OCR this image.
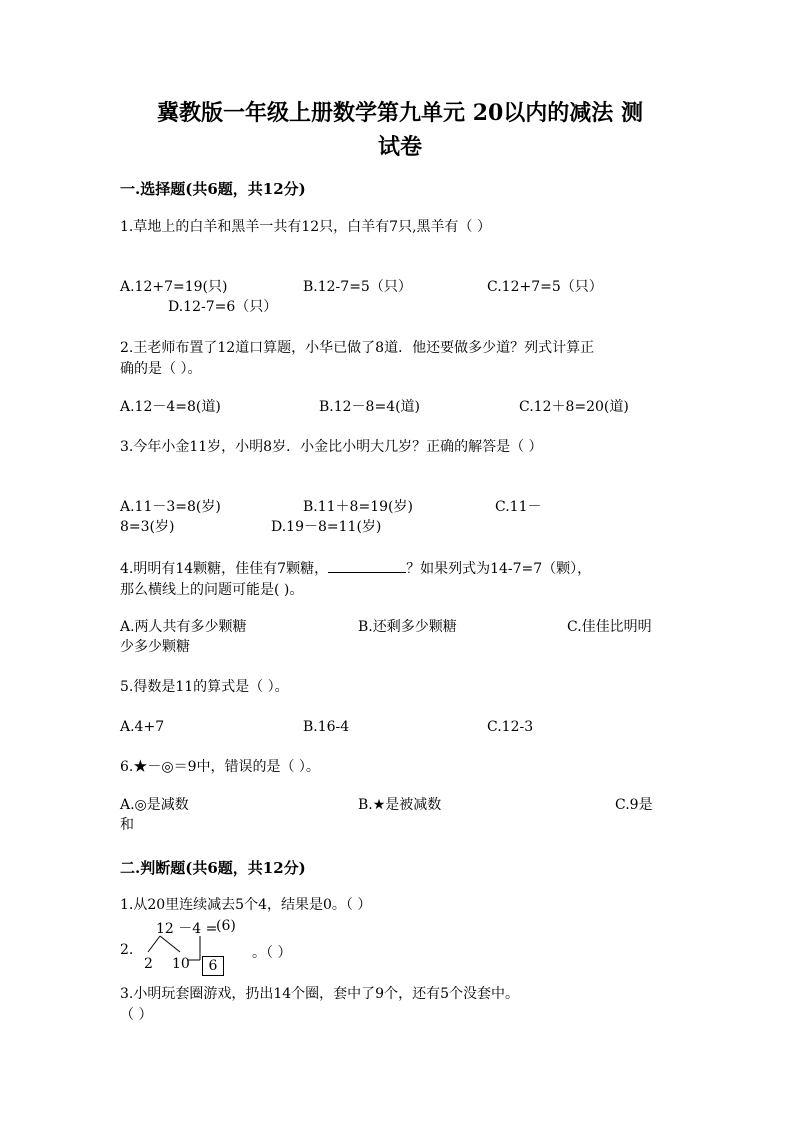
冀教版一年级上册数学第九单元 20以内的减法 测
试卷
一.选择题(共6题，共12分)
1.草地上的白羊和黑羊一共有12只，白羊有7只,黑羊有（ ）
A.12+7=19(只)	B.12-7=5（只）	C.12+7=5（只）
D.12-7=6（只）
2.王老师布置了12道口算题，小华已做了8道．他还要做多少道？列式计算正
确的是（ ）。
A.12－4=8(道)	B.12－8=4(道)	C.12＋8=20(道)
3.今年小金11岁，小明8岁．小金比小明大几岁？正确的解答是（ ）
A.11－3=8(岁)	B.11＋8=19(岁)	C.11－
8=3(岁)	D.19－8=11(岁)
4.明明有14颗糖，佳佳有7颗糖，	？如果列式为14-7=7（颗），
那么横线上的问题可能是( )。
A.两人共有多少颗糖	B.还剩多少颗糖	C.佳佳比明明
少多少颗糖
5.得数是11的算式是（ ）。
A.4+7	B.16-4	C.12-3
6.★－◎＝9中，错误的是（ ）。
A.◎是减数	B.★是被减数	C.9是
和
二.判断题(共6题，共12分)
1.从20里连续减去5个4，结果是0。（ ）
2.
12 －4 =
(6)
2 10	6
。（ ）
3.小明玩套圈游戏，扔出14个圈，套中了9个，还有5个没套中。
（ ）
